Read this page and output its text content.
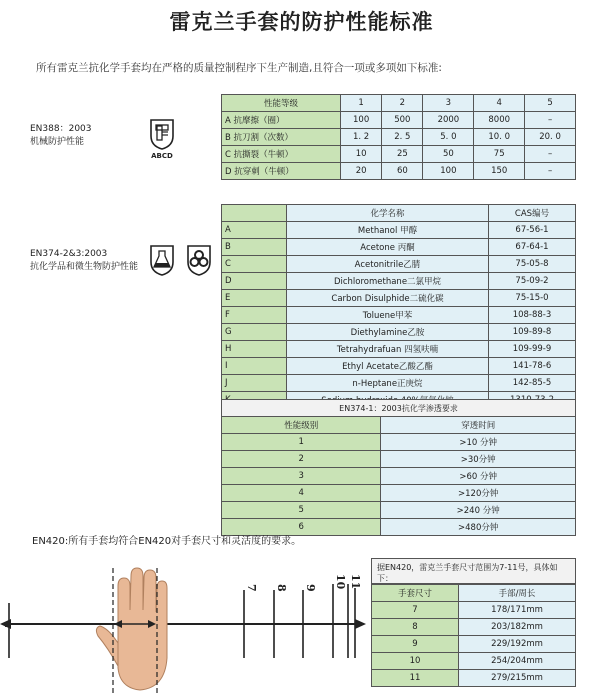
雷克兰手套的防护性能标准
所有雷克兰抗化学手套均在严格的质量控制程序下生产制造,且符合一项或多项如下标准:
EN388：2003
机械防护性能
ABCD
性能等级	1	2	3	4	5
A 抗摩擦（圈）	100	500	2000	8000	–
B 抗刀割（次数）	1. 2	2. 5	5. 0	10. 0	20. 0
C 抗撕裂（牛顿）	10	25	50	75	–
D 抗穿刺（牛顿）	20	60	100	150	–
EN374-2&3:2003
抗化学品和微生物防护性能

	化学名称	CAS编号
A	Methanol 甲醇	67-56-1
B	Acetone 丙酮	67-64-1
C	Acetonitrile乙腈	75-05-8
D	Dichloromethane二氯甲烷	75-09-2
E	Carbon Disulphide二硫化碳	75-15-0
F	Toluene甲苯	108-88-3
G	Diethylamine乙胺	109-89-8
H	Tetrahydrafuan 四氢呋喃	109-99-9
I	Ethyl Acetate乙酸乙酯	141-78-6
J	n-Heptane正庚烷	142-85-5

EN374-1：2003抗化学渗透要求	
性能级别	穿透时间
1	>10 分钟
2	>30分钟
3	>60 分钟
4	>120分钟
5	>240 分钟
6	>480分钟
EN420:所有手套均符合EN420对手套尺寸和灵活度的要求。
7 8 9 10 11
据EN420，雷克兰手套尺寸范围为7-11号，具体如下：
手套尺寸	手部/周长
7	178/171mm
8	203/182mm
9	229/192mm
10	254/204mm
11	279/215mm
